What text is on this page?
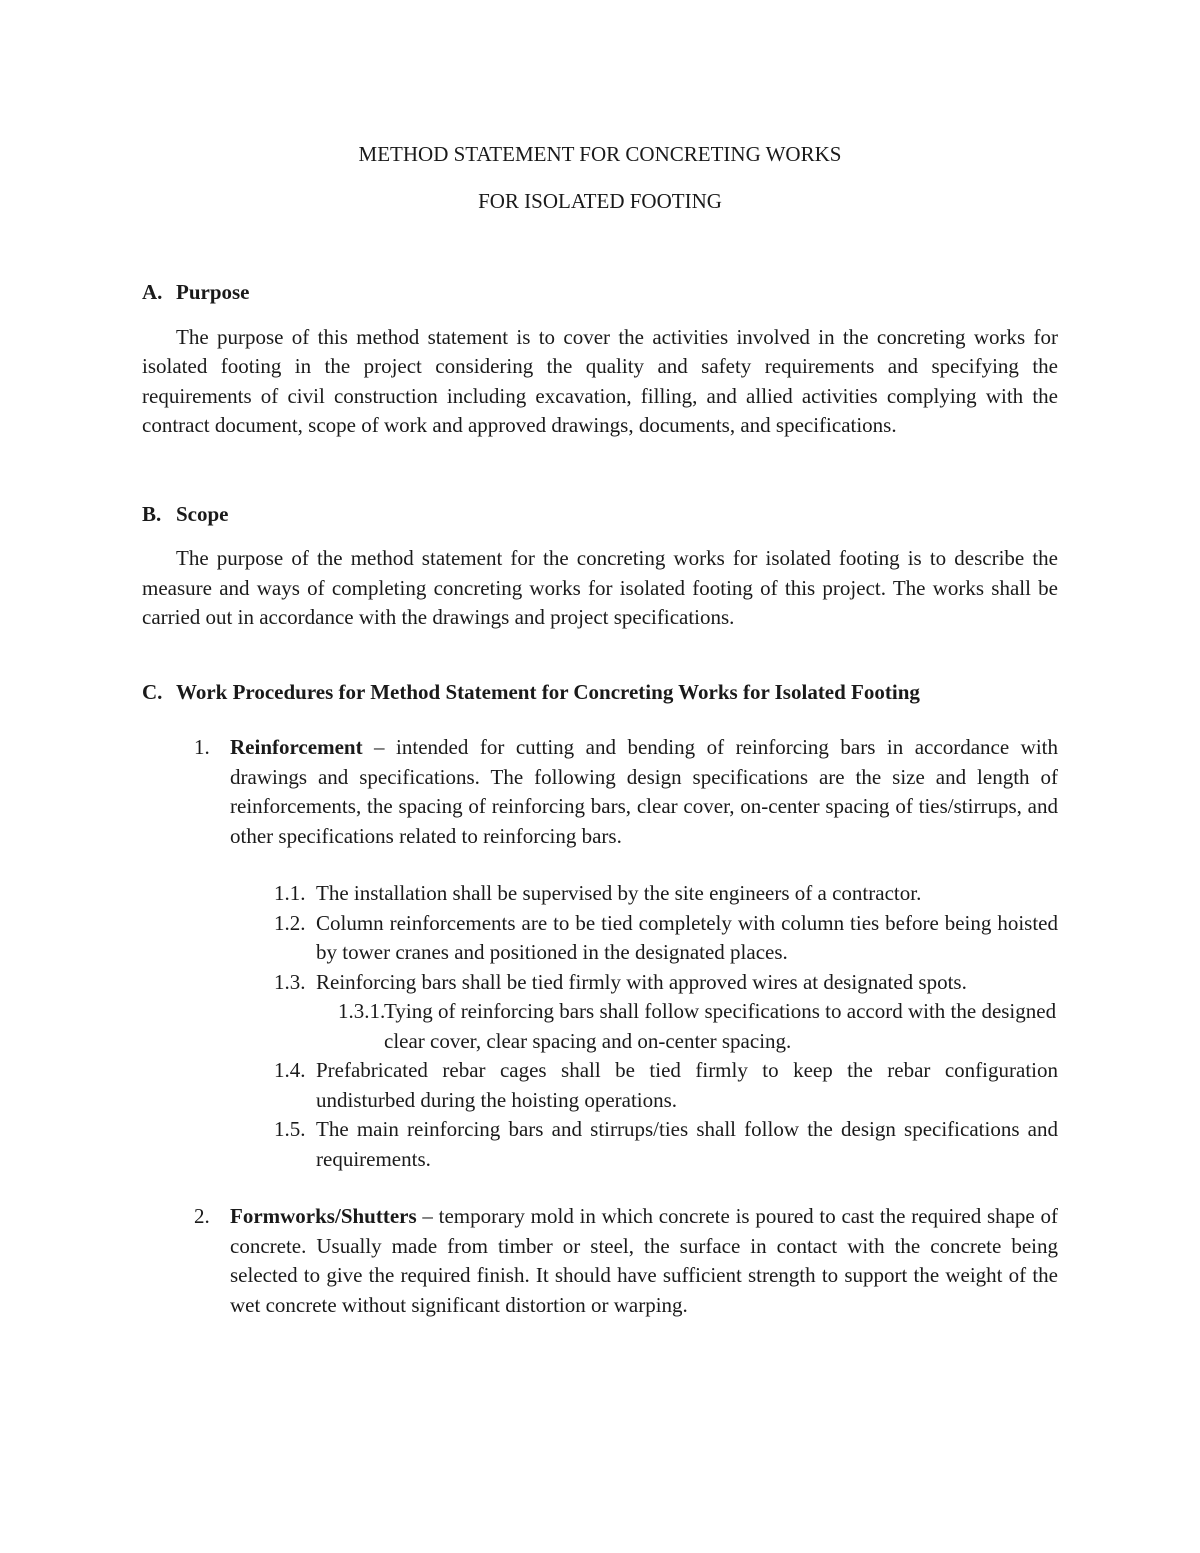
METHOD STATEMENT FOR CONCRETING WORKS

FOR ISOLATED FOOTING

A. Purpose

The purpose of this method statement is to cover the activities involved in the concreting works for isolated footing in the project considering the quality and safety requirements and specifying the requirements of civil construction including excavation, filling, and allied activities complying with the contract document, scope of work and approved drawings, documents, and specifications.

B. Scope

The purpose of the method statement for the concreting works for isolated footing is to describe the measure and ways of completing concreting works for isolated footing of this project. The works shall be carried out in accordance with the drawings and project specifications.

C. Work Procedures for Method Statement for Concreting Works for Isolated Footing
1. Reinforcement – intended for cutting and bending of reinforcing bars in accordance with drawings and specifications. The following design specifications are the size and length of reinforcements, the spacing of reinforcing bars, clear cover, on-center spacing of ties/stirrups, and other specifications related to reinforcing bars.
1.1. The installation shall be supervised by the site engineers of a contractor.
1.2. Column reinforcements are to be tied completely with column ties before being hoisted by tower cranes and positioned in the designated places.
1.3. Reinforcing bars shall be tied firmly with approved wires at designated spots.
1.3.1.
Tying of reinforcing bars shall follow specifications to accord with the designed clear cover, clear spacing and on-center spacing.
1.4. Prefabricated rebar cages shall be tied firmly to keep the rebar configuration undisturbed during the hoisting operations.
1.5. The main reinforcing bars and stirrups/ties shall follow the design specifications and requirements.
2. Formworks/Shutters – temporary mold in which concrete is poured to cast the required shape of concrete. Usually made from timber or steel, the surface in contact with the concrete being selected to give the required finish. It should have sufficient strength to support the weight of the wet concrete without significant distortion or warping.
